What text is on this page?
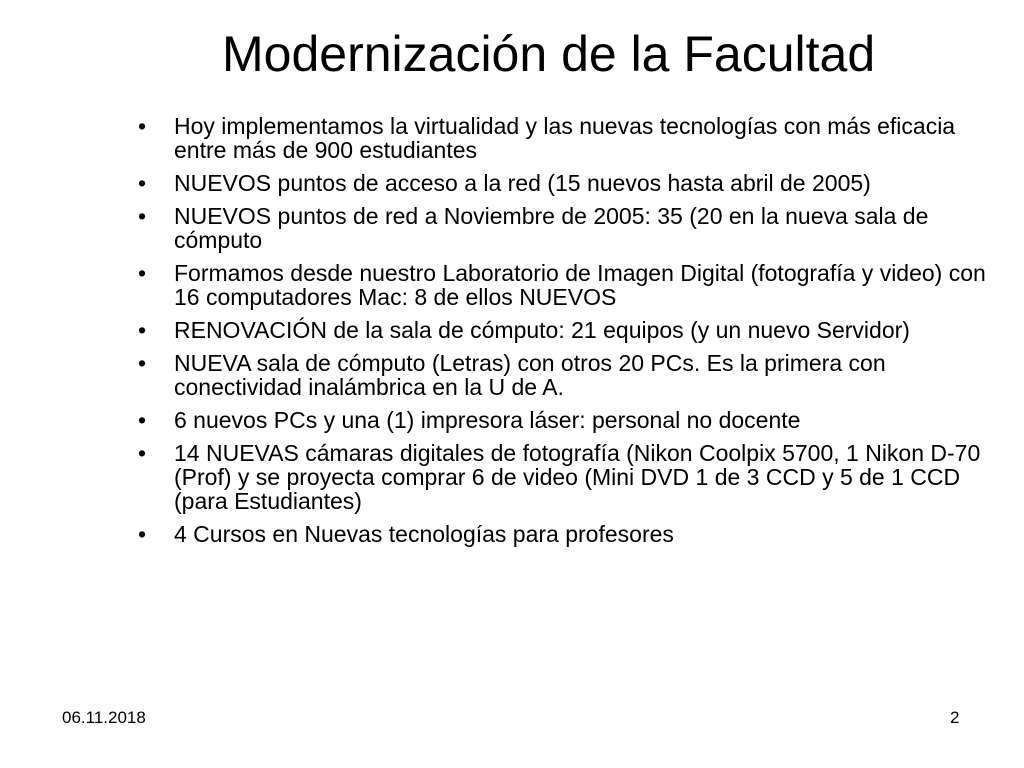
Modernización de la Facultad
•	Hoy implementamos la virtualidad y las nuevas tecnologías con más eficacia entre más de 900 estudiantes
•	NUEVOS puntos de acceso a la red (15 nuevos hasta abril de 2005)
•	NUEVOS puntos de red a Noviembre de 2005: 35 (20 en la nueva sala de cómputo
•	Formamos desde nuestro Laboratorio de Imagen Digital (fotografía y video) con 16 computadores Mac: 8 de ellos NUEVOS
•	RENOVACIÓN de la sala de cómputo: 21 equipos (y un nuevo Servidor)
•	NUEVA sala de cómputo (Letras) con otros 20 PCs. Es la primera con conectividad inalámbrica en la U de A.
•	6 nuevos PCs y una (1) impresora láser: personal no docente
•	14 NUEVAS cámaras digitales de fotografía (Nikon Coolpix 5700, 1 Nikon D-70 (Prof) y se proyecta comprar 6 de video (Mini DVD 1 de 3 CCD y 5 de 1 CCD (para Estudiantes)
•	4 Cursos en Nuevas tecnologías para profesores
06.11.2018	2
